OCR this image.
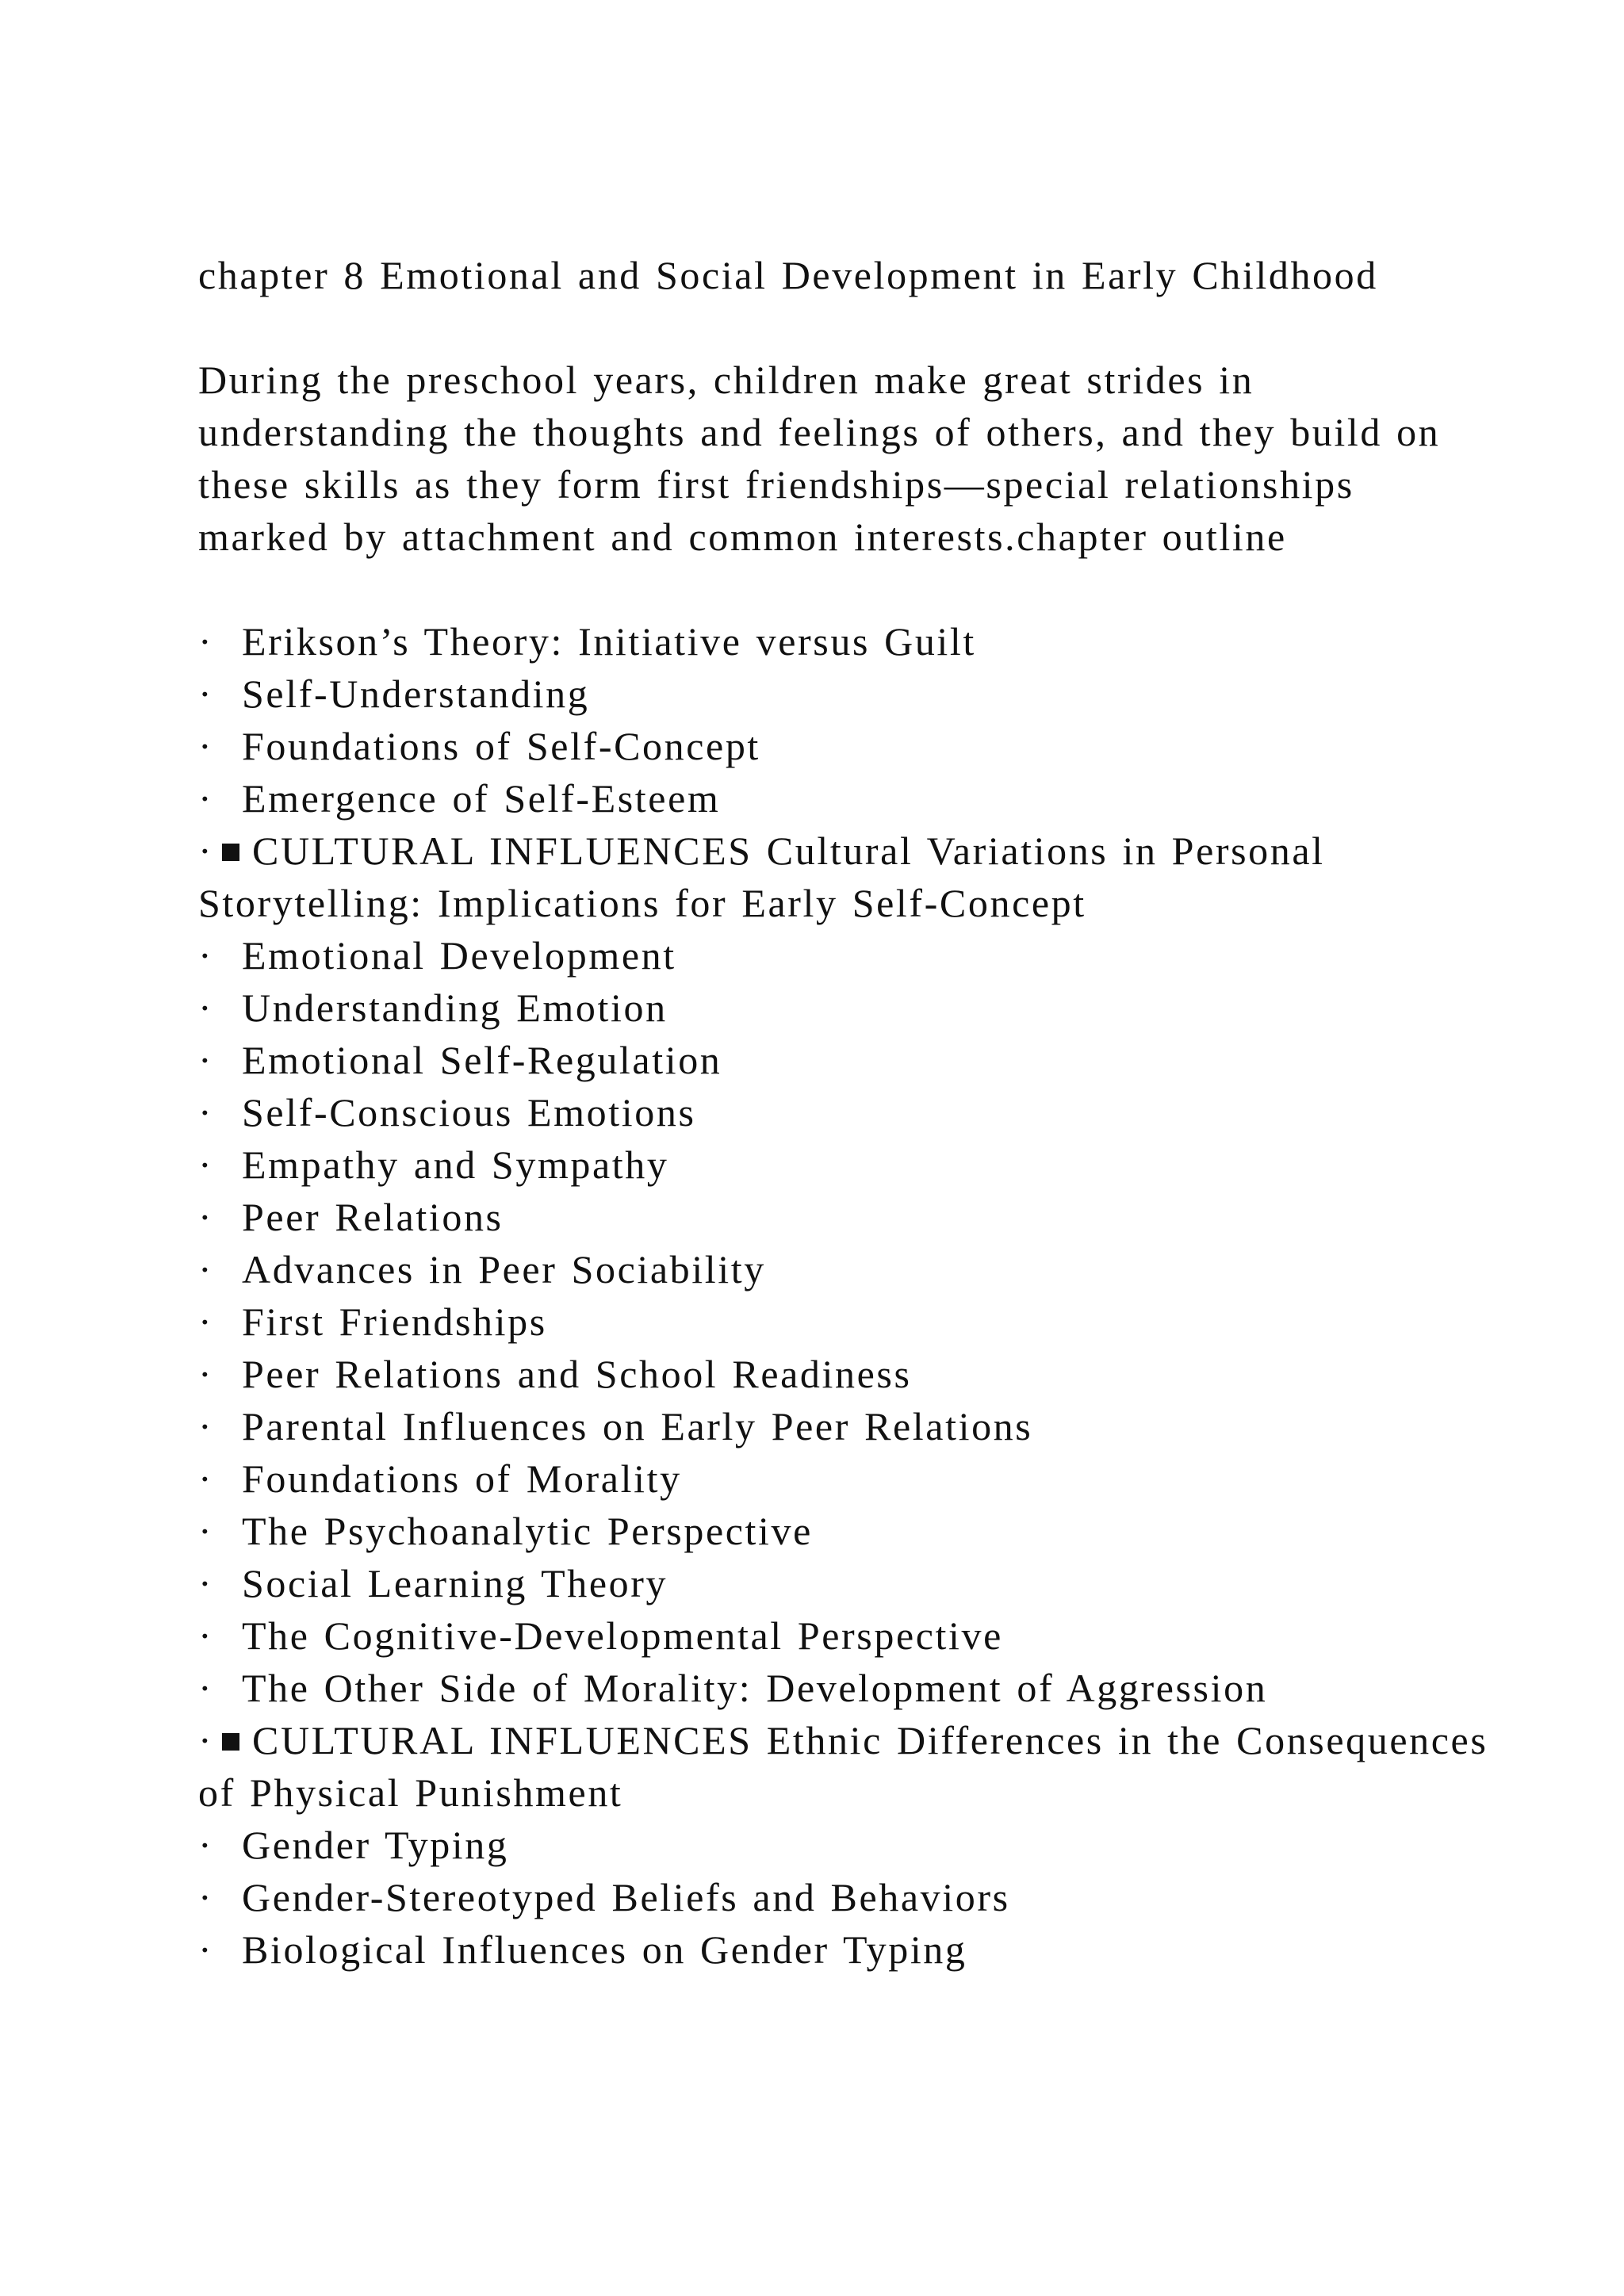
chapter 8 Emotional and Social Development in Early Childhood

During the preschool years, children make great strides in understanding the thoughts and feelings of others, and they build on these skills as they form first friendships—special relationships marked by attachment and common interests.chapter outline

· Erikson’s Theory: Initiative versus Guilt

· Self-Understanding

· Foundations of Self-Concept

· Emergence of Self-Esteem

· CULTURAL INFLUENCES Cultural Variations in Personal Storytelling: Implications for Early Self-Concept

· Emotional Development

· Understanding Emotion

· Emotional Self-Regulation

· Self-Conscious Emotions

· Empathy and Sympathy

· Peer Relations

· Advances in Peer Sociability

· First Friendships

· Peer Relations and School Readiness

· Parental Influences on Early Peer Relations

· Foundations of Morality

· The Psychoanalytic Perspective

· Social Learning Theory

· The Cognitive-Developmental Perspective

· The Other Side of Morality: Development of Aggression

· CULTURAL INFLUENCES Ethnic Differences in the Consequences of Physical Punishment

· Gender Typing

· Gender-Stereotyped Beliefs and Behaviors

· Biological Influences on Gender Typing
